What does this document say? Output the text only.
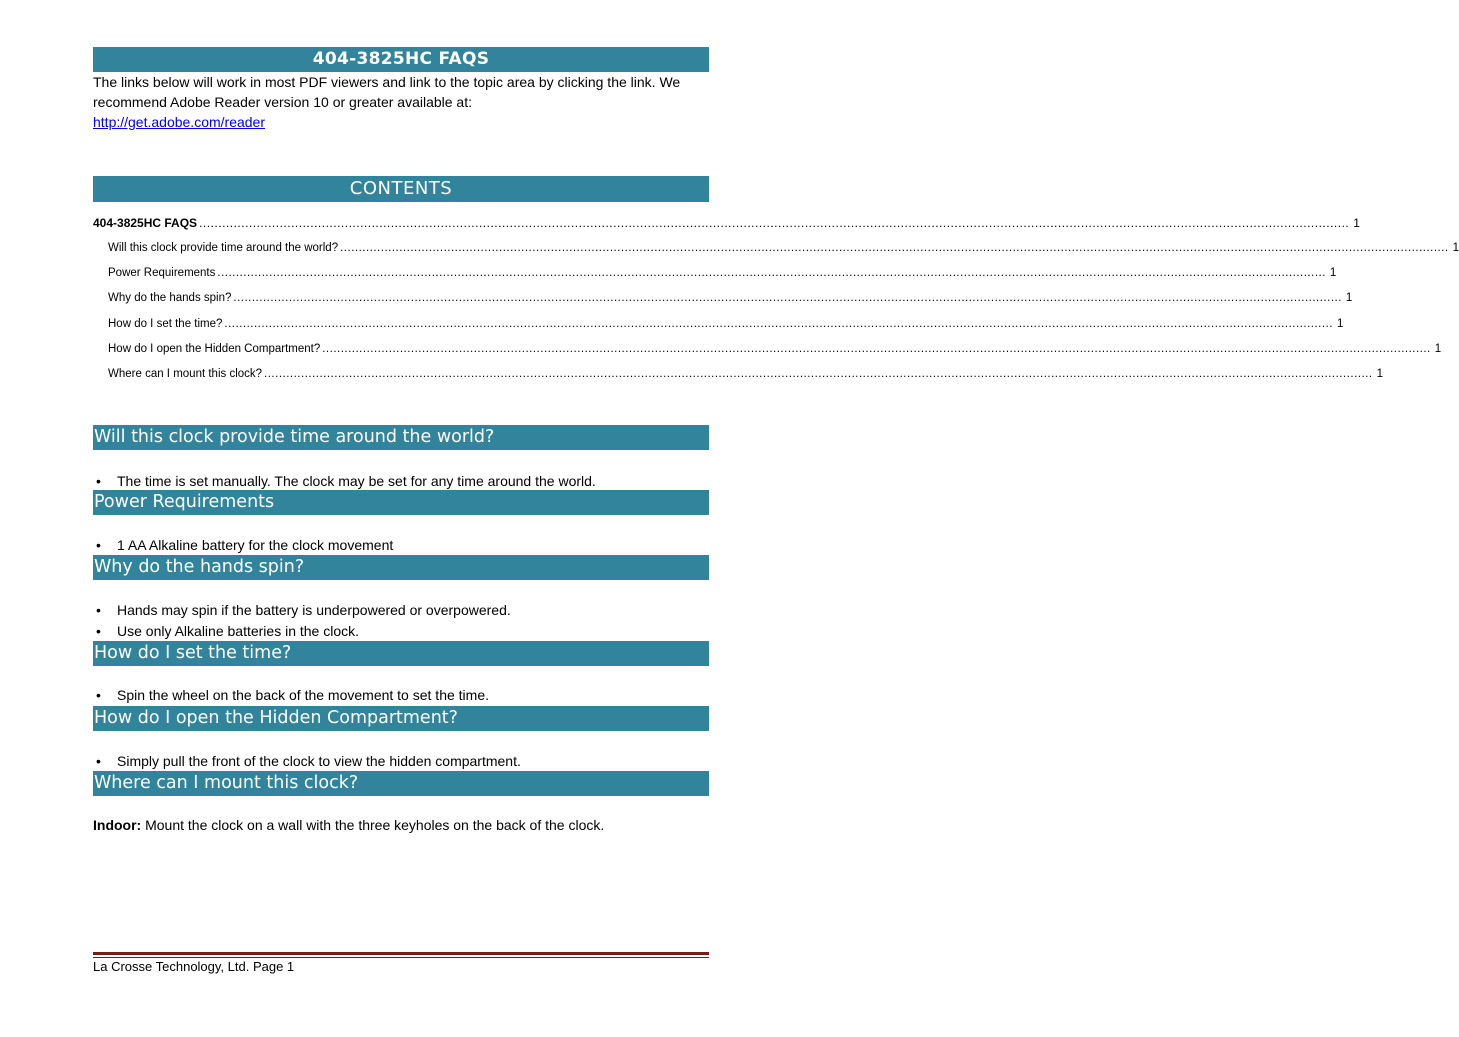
404-3825HC FAQS
The links below will work in most PDF viewers and link to the topic area by clicking the link. We recommend Adobe Reader version 10 or greater available at:
http://get.adobe.com/reader
CONTENTS
404-3825HC FAQS ............................................................................................................................................................................................................................................................................................................ 1
Will this clock provide time around the world? ............................................................................................................................................................................................................................................................................................................ 1
Power Requirements ............................................................................................................................................................................................................................................................................................................ 1
Why do the hands spin? ............................................................................................................................................................................................................................................................................................................ 1
How do I set the time? ............................................................................................................................................................................................................................................................................................................ 1
How do I open the Hidden Compartment? ............................................................................................................................................................................................................................................................................................................ 1
Where can I mount this clock? ............................................................................................................................................................................................................................................................................................................ 1
Will this clock provide time around the world?
•	The time is set manually. The clock may be set for any time around the world.
Power Requirements
•	1 AA Alkaline battery for the clock movement
Why do the hands spin?
•	Hands may spin if the battery is underpowered or overpowered.
•	Use only Alkaline batteries in the clock.
How do I set the time?
•	Spin the wheel on the back of the movement to set the time.
How do I open the Hidden Compartment?
•	Simply pull the front of the clock to view the hidden compartment.
Where can I mount this clock?
Indoor: Mount the clock on a wall with the three keyholes on the back of the clock.
La Crosse Technology, Ltd. Page 1
